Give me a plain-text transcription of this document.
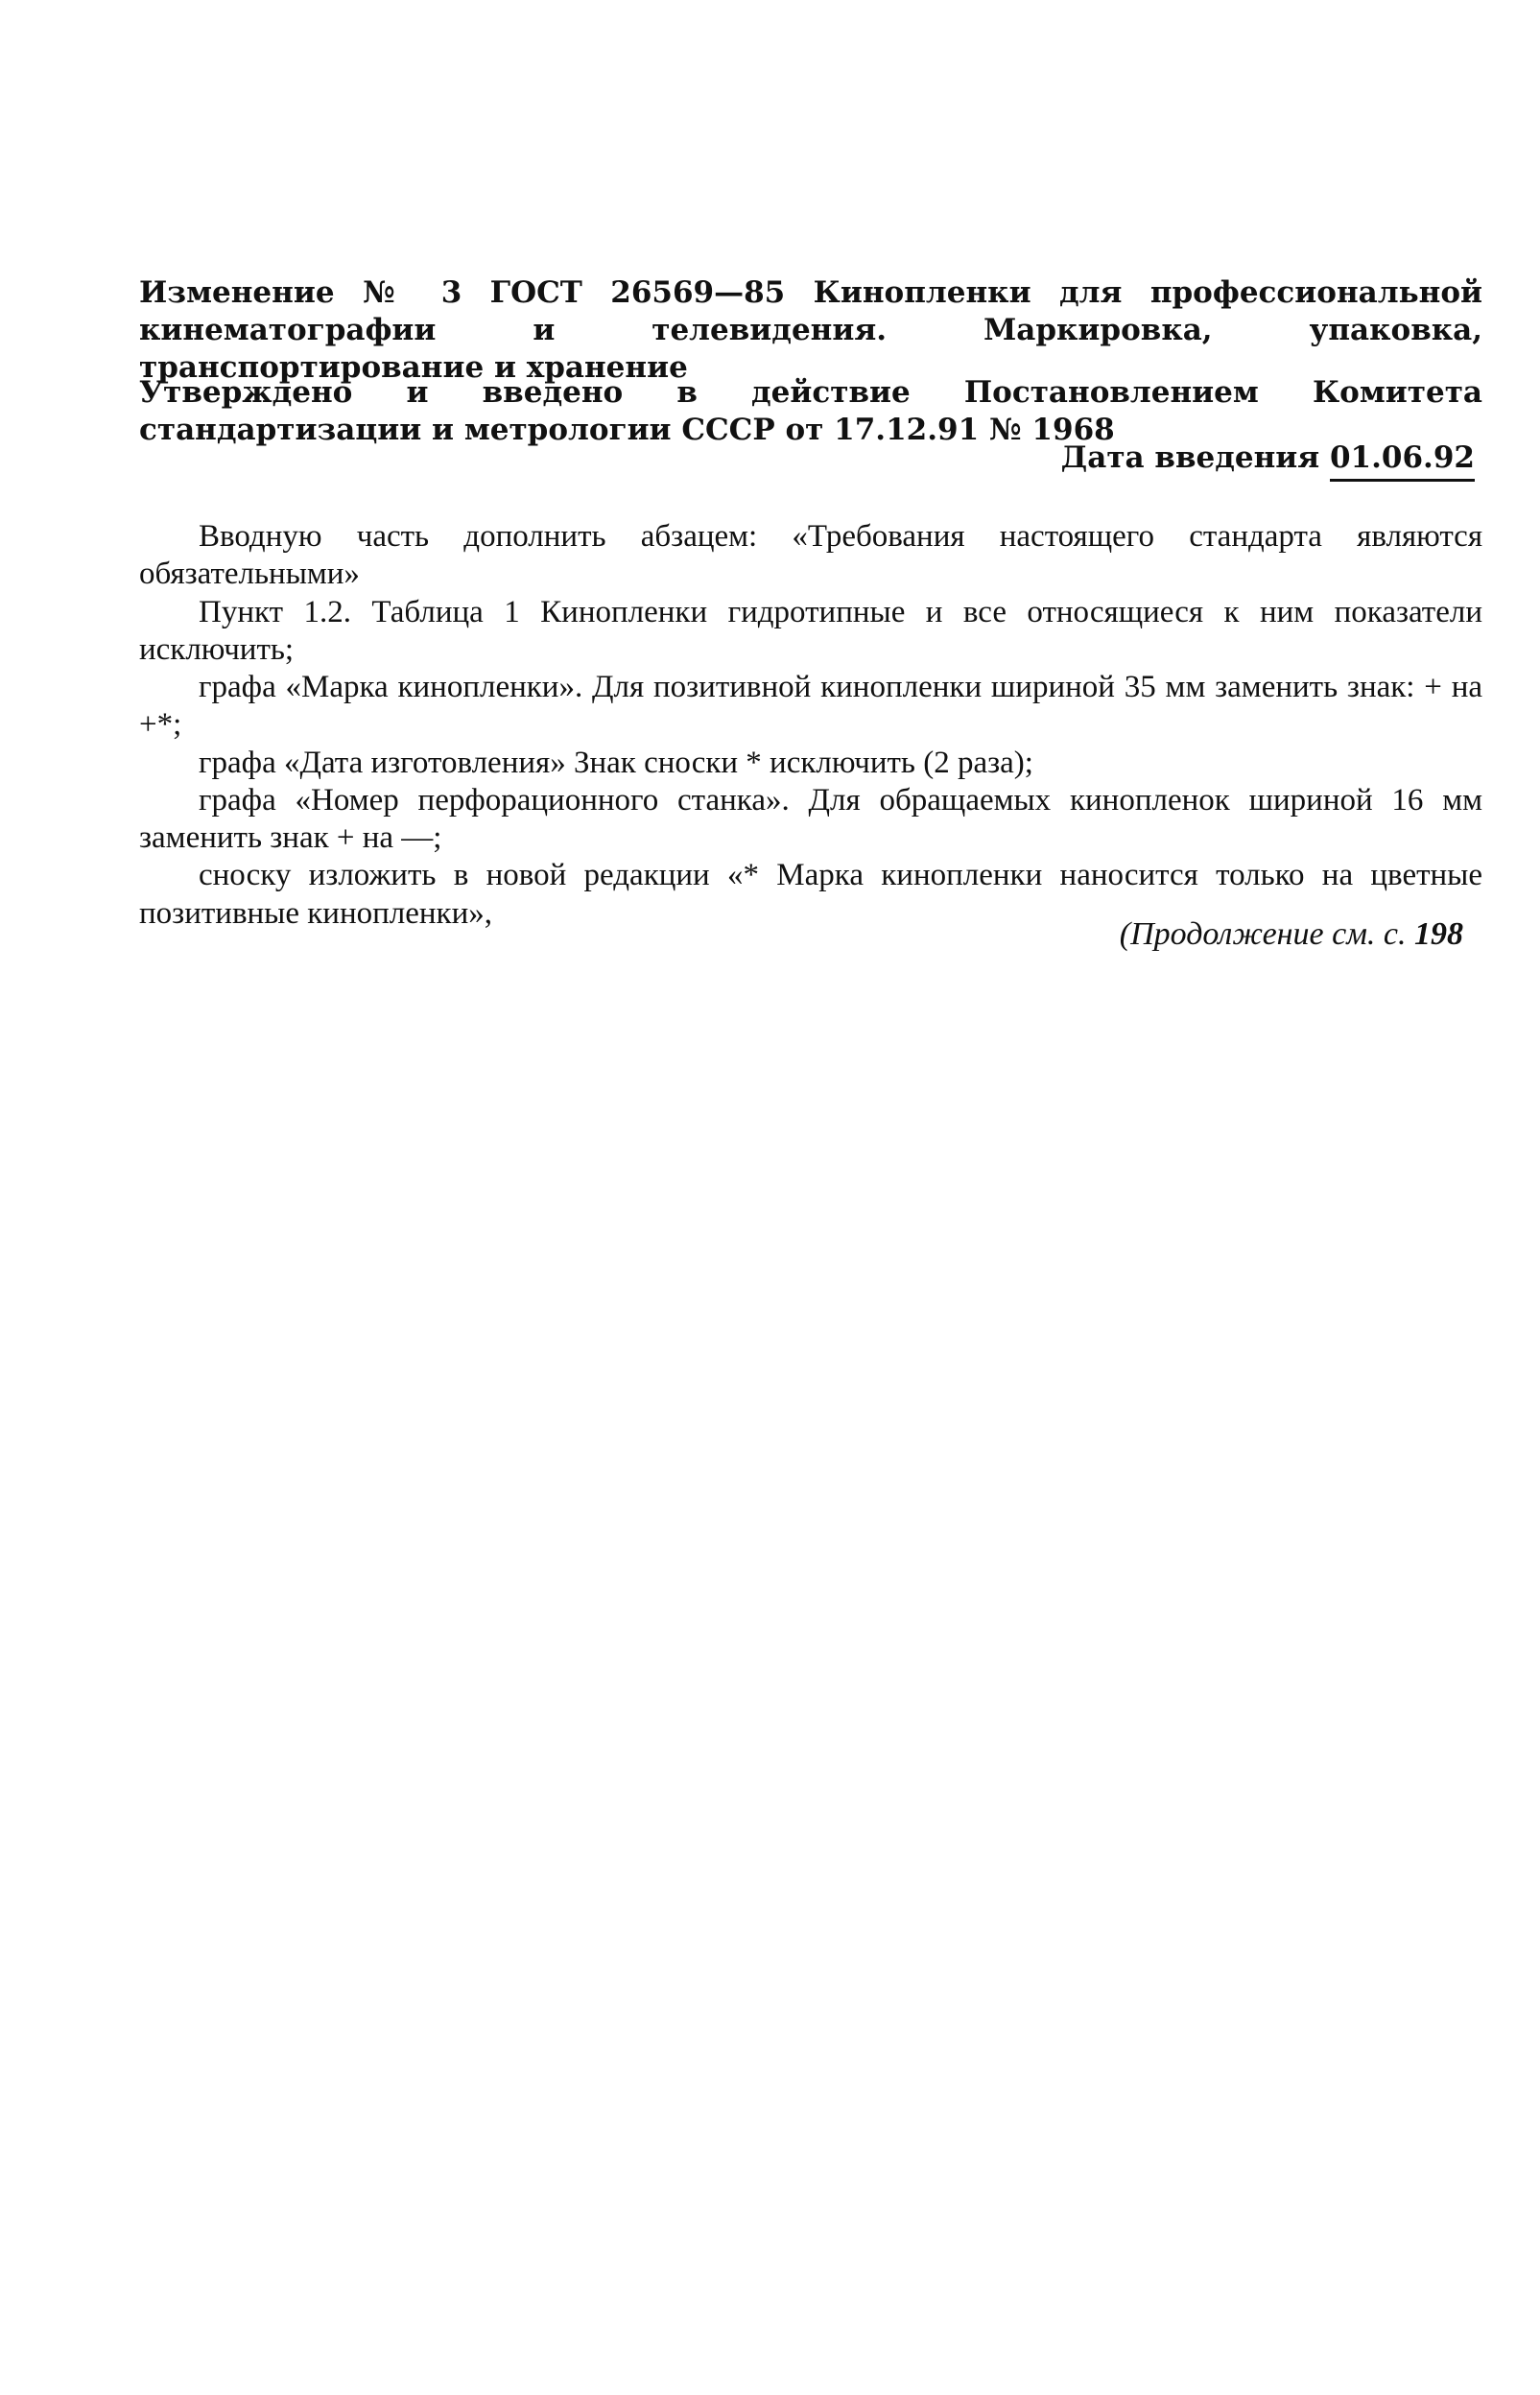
Изменение № 3 ГОСТ 26569—85 Кинопленки для профессиональной кинематографии и телевидения. Маркировка, упаковка, транспортирование и хранение
Утверждено и введено в действие Постановлением Комитета стандартизации и метрологии СССР от 17.12.91 № 1968
Дата введения 01.06.92

Вводную часть дополнить абзацем: «Требования настоящего стандарта являются обязательными»

Пункт 1.2. Таблица 1 Кинопленки гидротипные и все относящиеся к ним показатели исключить;

графа «Марка кинопленки». Для позитивной кинопленки шириной 35 мм заменить знак: + на +*;

графа «Дата изготовления» Знак сноски * исключить (2 раза);

графа «Номер перфорационного станка». Для обращаемых кинопленок шириной 16 мм заменить знак + на —;

сноску изложить в новой редакции «* Марка кинопленки наносится только на цветные позитивные кинопленки»,

(Продолжение см. с. 198
